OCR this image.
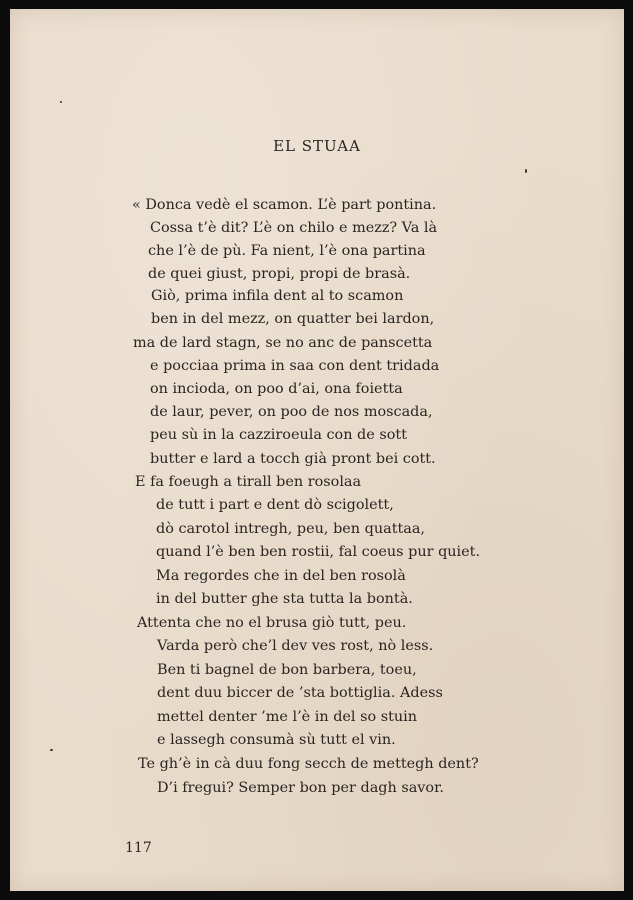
EL STUAA
« Donca vedè el scamon. L’è part pontina.
Cossa t’è dit? L’è on chilo e mezz? Va là
che l’è de pù. Fa nient, l’è ona partina
de quei giust, propi, propi de brasà.
Giò, prima infila dent al to scamon
ben in del mezz, on quatter bei lardon,
ma de lard stagn, se no anc de panscetta
e pocciaa prima in saa con dent tridada
on incioda, on poo d’ai, ona foietta
de laur, pever, on poo de nos moscada,
peu sù in la cazziroeula con de sott
butter e lard a tocch già pront bei cott.
E fa foeugh a tirall ben rosolaa
de tutt i part e dent dò scigolett,
dò carotol intregh, peu, ben quattaa,
quand l’è ben ben rostii, fal coeus pur quiet.
Ma regordes che in del ben rosolà
in del butter ghe sta tutta la bontà.
Attenta che no el brusa giò tutt, peu.
Varda però che’l dev ves rost, nò less.
Ben ti bagnel de bon barbera, toeu,
dent duu biccer de ’sta bottiglia. Adess
mettel denter ’me l’è in del so stuin
e lassegh consumà sù tutt el vin.
Te gh’è in cà duu fong secch de mettegh dent?
D’i fregui? Semper bon per dagh savor.
117
